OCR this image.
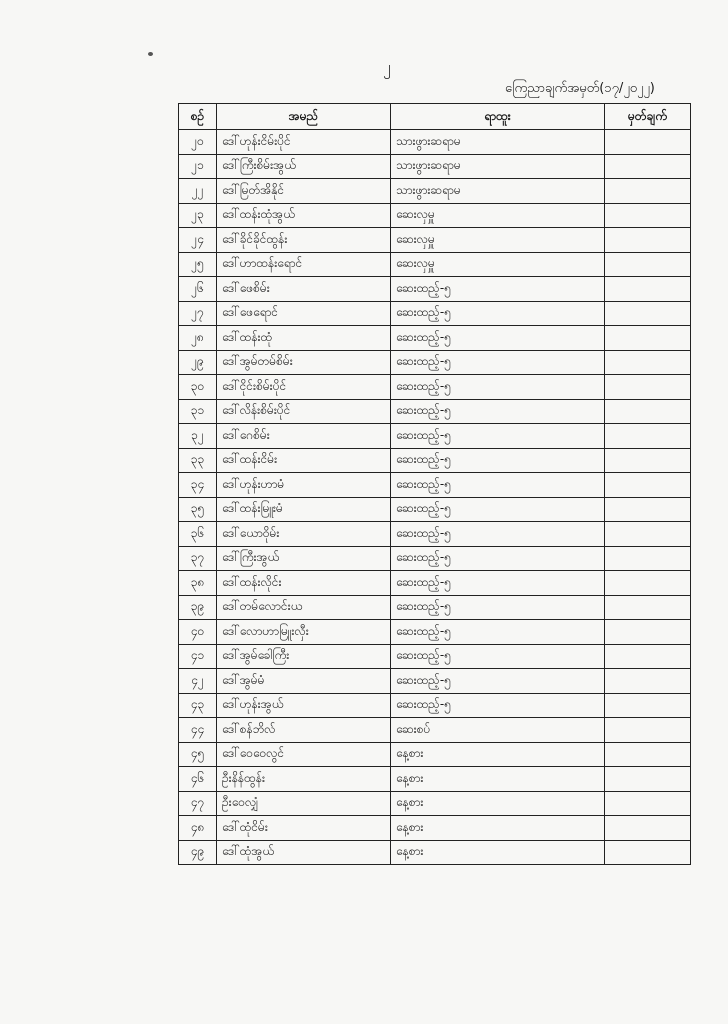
၂
ကြေညာချက်အမှတ်(၁၇/၂၀၂၂)
စဉ်	အမည်	ရာထူး	မှတ်ချက်
၂၀	ဒေါ်ဟုန်းငိမ်းပိုင်	သားဖွားဆရာမ	
၂၁	ဒေါ်ကြီးစိမ်းအွယ်	သားဖွားဆရာမ	
၂၂	ဒေါ်မြတ်အိနိုင်	သားဖွားဆရာမ	
၂၃	ဒေါ်ထန်းထုံအွယ်	ဆေးလှမှူ	
၂၄	ဒေါ်ခိုင်ခိုင်ထွန်း	ဆေးလှမှူ	
၂၅	ဒေါ်ဟာထန်းရောင်	ဆေးလှမှူ	
၂၆	ဒေါ်ဖေစိမ်း	ဆေးထည့်-၅	
၂၇	ဒေါ်ဖေရောင်	ဆေးထည့်-၅	
၂၈	ဒေါ်ထန်းထုံ	ဆေးထည့်-၅	
၂၉	ဒေါ်အွမ်တမ်စိမ်း	ဆေးထည့်-၅	
၃၀	ဒေါ်ငိုင်းစိမ်းပိုင်	ဆေးထည့်-၅	
၃၁	ဒေါ်လိန်းစိမ်းပိုင်	ဆေးထည့်-၅	
၃၂	ဒေါ်ဂေစိမ်း	ဆေးထည့်-၅	
၃၃	ဒေါ်ထန်းငိမ်း	ဆေးထည့်-၅	
၃၄	ဒေါ်ဟုန်းဟာမံ	ဆေးထည့်-၅	
၃၅	ဒေါ်ထန်းမြူးမံ	ဆေးထည့်-၅	
၃၆	ဒေါ်ယောဝိုမ်း	ဆေးထည့်-၅	
၃၇	ဒေါ်ကြီးအွယ်	ဆေးထည့်-၅	
၃၈	ဒေါ်ထန်းလိုင်း	ဆေးထည့်-၅	
၃၉	ဒေါ်တမ်လောင်းယ	ဆေးထည့်-၅	
၄၀	ဒေါ်လောဟာမြူးလှီး	ဆေးထည့်-၅	
၄၁	ဒေါ်အွမ်ခေါကြီး	ဆေးထည့်-၅	
၄၂	ဒေါ်အွမ်မံ	ဆေးထည့်-၅	
၄၃	ဒေါ်ဟုန်းအွယ်	ဆေးထည့်-၅	
၄၄	ဒေါ်စန်ဘိလ်	ဆေးစပ်	
၄၅	ဒေါ်ဝေဝေလွင်	နေ့စား	
၄၆	ဦးနိန်ထွန်း	နေ့စား	
၄၇	ဦးဝေလျှံ	နေ့စား	
၄၈	ဒေါ်ထုံငိမ်း	နေ့စား	
၄၉	ဒေါ်ထုံအွယ်	နေ့စား	
